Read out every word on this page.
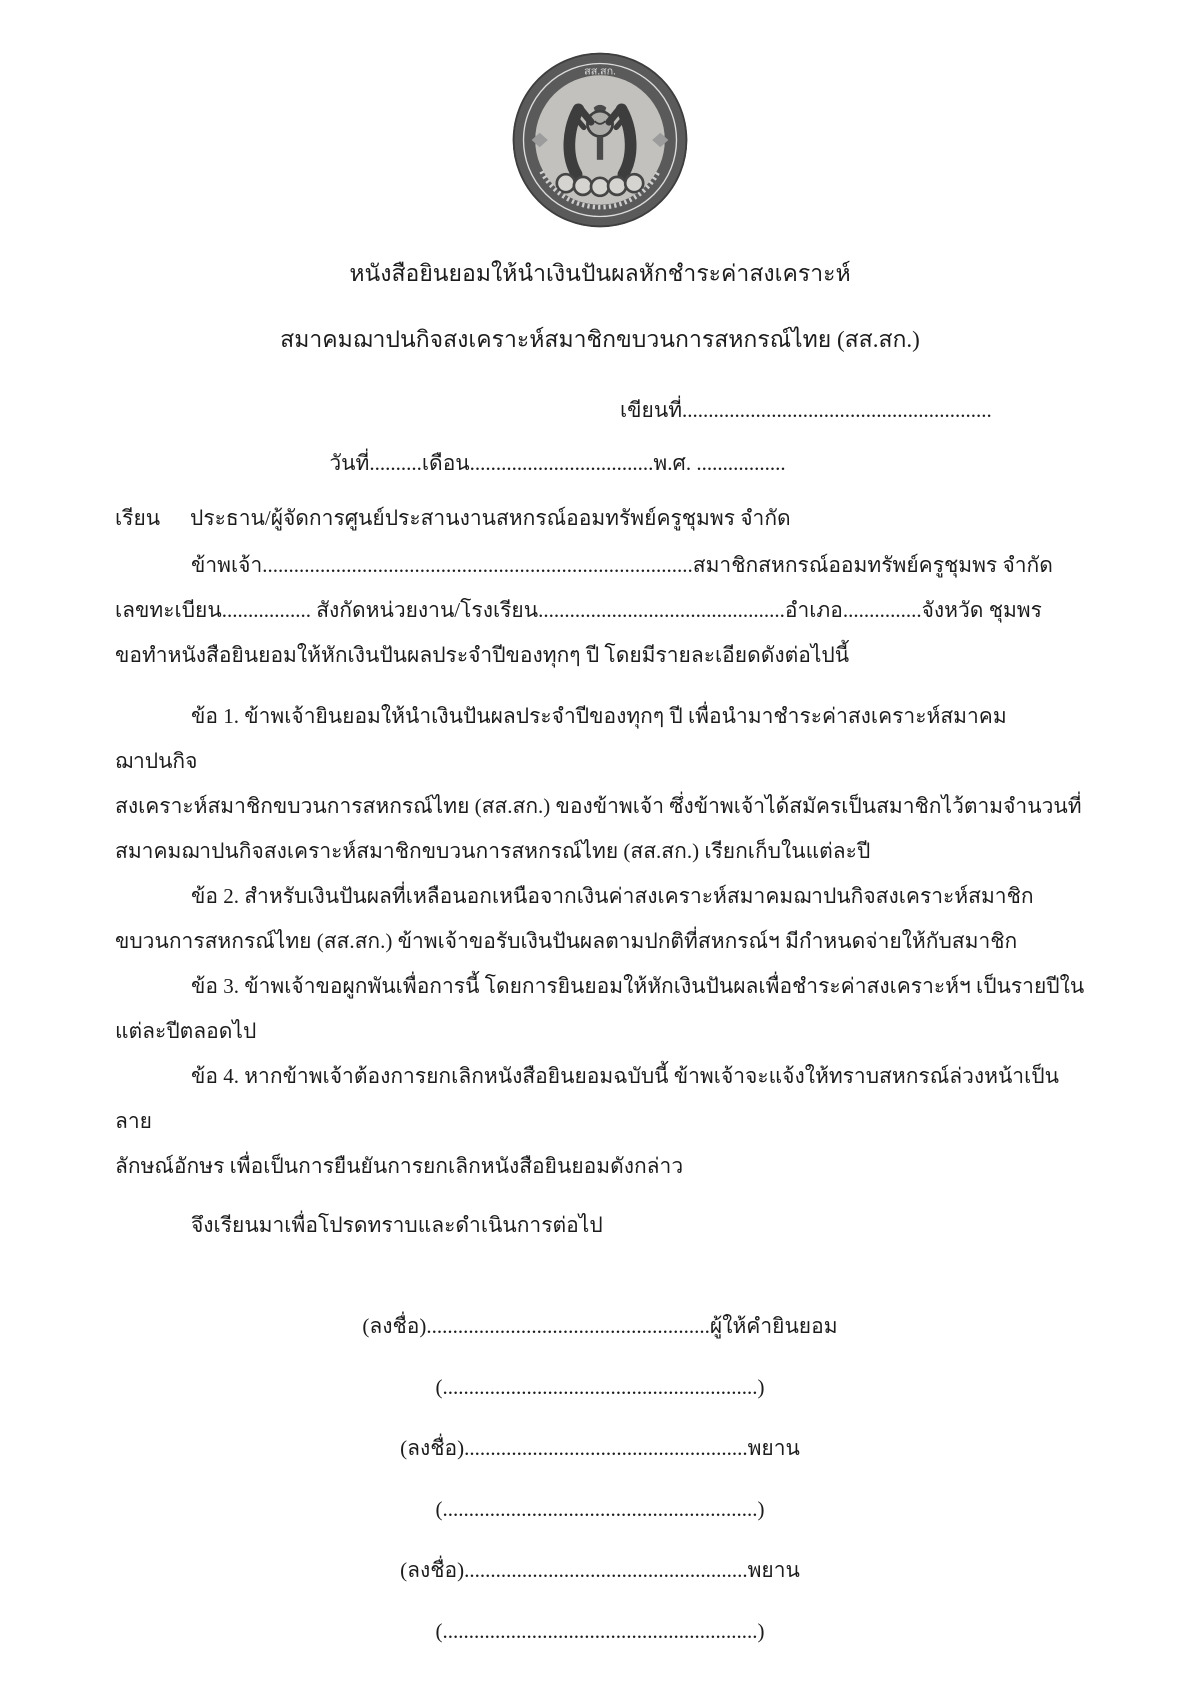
สส.สก.
หนังสือยินยอมให้นำเงินปันผลหักชำระค่าสงเคราะห์
สมาคมฌาปนกิจสงเคราะห์สมาชิกขบวนการสหกรณ์ไทย (สส.สก.)
เขียนที่...........................................................
วันที่..........เดือน...................................พ.ศ. .................
เรียน	ประธาน/ผู้จัดการศูนย์ประสานงานสหกรณ์ออมทรัพย์ครูชุมพร จำกัด
ข้าพเจ้า..................................................................................สมาชิกสหกรณ์ออมทรัพย์ครูชุมพร จำกัด
เลขทะเบียน................. สังกัดหน่วยงาน/โรงเรียน...............................................อำเภอ...............จังหวัด ชุมพร
ขอทำหนังสือยินยอมให้หักเงินปันผลประจำปีของทุกๆ ปี โดยมีรายละเอียดดังต่อไปนี้
ข้อ 1. ข้าพเจ้ายินยอมให้นำเงินปันผลประจำปีของทุกๆ ปี เพื่อนำมาชำระค่าสงเคราะห์สมาคมฌาปนกิจ
สงเคราะห์สมาชิกขบวนการสหกรณ์ไทย (สส.สก.) ของข้าพเจ้า ซึ่งข้าพเจ้าได้สมัครเป็นสมาชิกไว้ตามจำนวนที่
สมาคมฌาปนกิจสงเคราะห์สมาชิกขบวนการสหกรณ์ไทย (สส.สก.) เรียกเก็บในแต่ละปี
ข้อ 2. สำหรับเงินปันผลที่เหลือนอกเหนือจากเงินค่าสงเคราะห์สมาคมฌาปนกิจสงเคราะห์สมาชิก
ขบวนการสหกรณ์ไทย (สส.สก.) ข้าพเจ้าขอรับเงินปันผลตามปกติที่สหกรณ์ฯ มีกำหนดจ่ายให้กับสมาชิก
ข้อ 3. ข้าพเจ้าขอผูกพันเพื่อการนี้ โดยการยินยอมให้หักเงินปันผลเพื่อชำระค่าสงเคราะห์ฯ เป็นรายปีใน
แต่ละปีตลอดไป
ข้อ 4. หากข้าพเจ้าต้องการยกเลิกหนังสือยินยอมฉบับนี้ ข้าพเจ้าจะแจ้งให้ทราบสหกรณ์ล่วงหน้าเป็นลาย
ลักษณ์อักษร เพื่อเป็นการยืนยันการยกเลิกหนังสือยินยอมดังกล่าว
จึงเรียนมาเพื่อโปรดทราบและดำเนินการต่อไป
(ลงชื่อ)......................................................ผู้ให้คำยินยอม
(............................................................)
(ลงชื่อ)......................................................พยาน
(............................................................)
(ลงชื่อ)......................................................พยาน
(............................................................)
